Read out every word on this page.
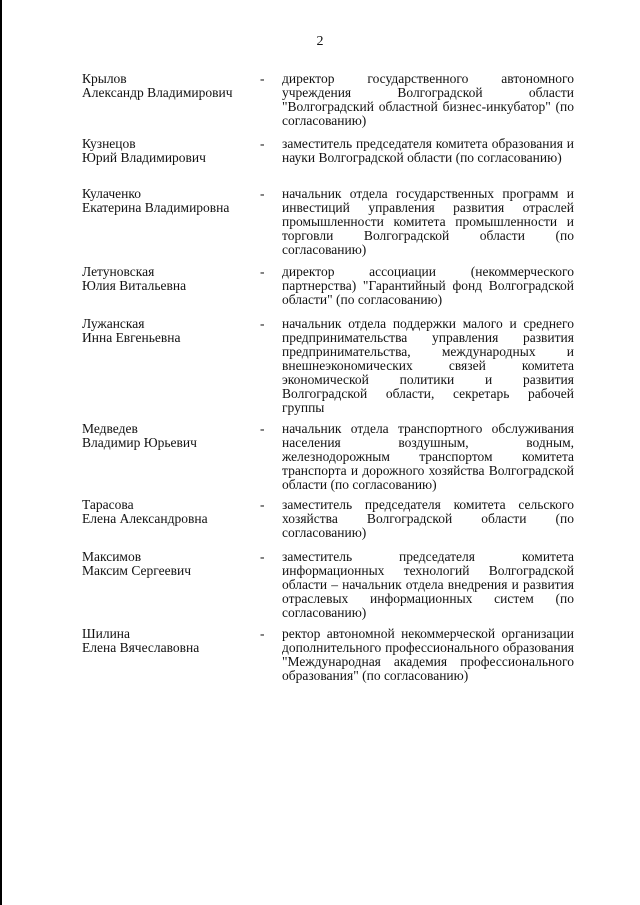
2
Крылов
Александр Владимирович
- директор государственного автономного учреждения Волгоградской области "Волгоградский областной бизнес-инкубатор" (по согласованию)
Кузнецов
Юрий Владимирович
- заместитель председателя комитета образования и науки Волгоградской области (по согласованию)
Кулаченко
Екатерина Владимировна
- начальник отдела государственных программ и инвестиций управления развития отраслей промышленности комитета промышленности и торговли Волгоградской области (по согласованию)
Летуновская
Юлия Витальевна
- директор ассоциации (некоммерческого партнерства) "Гарантийный фонд Волгоградской области" (по согласованию)
Лужанская
Инна Евгеньевна
- начальник отдела поддержки малого и среднего предпринимательства управления развития предпринимательства, международных и внешнеэкономических связей комитета экономической политики и развития Волгоградской области, секретарь рабочей группы
Медведев
Владимир Юрьевич
- начальник отдела транспортного обслуживания населения воздушным, водным, железнодорожным транспортом комитета транспорта и дорожного хозяйства Волгоградской области (по согласованию)
Тарасова
Елена Александровна
- заместитель председателя комитета сельского хозяйства Волгоградской области (по согласованию)
Максимов
Максим Сергеевич
- заместитель председателя комитета информационных технологий Волгоградской области – начальник отдела внедрения и развития отраслевых информационных систем (по согласованию)
Шилина
Елена Вячеславовна
- ректор автономной некоммерческой организации дополнительного профессионального образования "Международная академия профессионального образования" (по согласованию)
